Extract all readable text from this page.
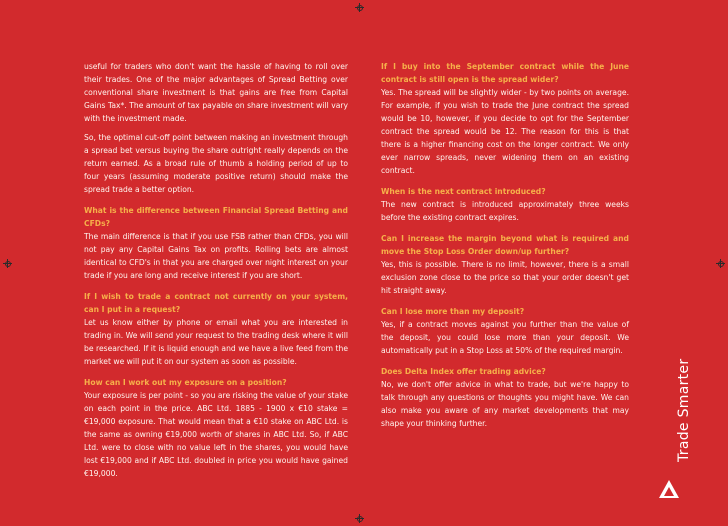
useful for traders who don't want the hassle of having to roll over their trades. One of the major advantages of Spread Betting over conventional share investment is that gains are free from Capital Gains Tax*. The amount of tax payable on share investment will vary with the investment made.

So, the optimal cut-off point between making an investment through a spread bet versus buying the share outright really depends on the return earned. As a broad rule of thumb a holding period of up to four years (assuming moderate positive return) should make the spread trade a better option.

What is the difference between Financial Spread Betting and CFDs?

The main difference is that if you use FSB rather than CFDs, you will not pay any Capital Gains Tax on profits. Rolling bets are almost identical to CFD's in that you are charged over night interest on your trade if you are long and receive interest if you are short.

If I wish to trade a contract not currently on your system, can I put in a request?

Let us know either by phone or email what you are interested in trading in. We will send your request to the trading desk where it will be researched. If it is liquid enough and we have a live feed from the market we will put it on our system as soon as possible.

How can I work out my exposure on a position?

Your exposure is per point - so you are risking the value of your stake on each point in the price. ABC Ltd. 1885 - 1900 x €10 stake = €19,000 exposure. That would mean that a €10 stake on ABC Ltd. is the same as owning €19,000 worth of shares in ABC Ltd. So, if ABC Ltd. were to close with no value left in the shares, you would have lost €19,000 and if ABC Ltd. doubled in price you would have gained €19,000.

If I buy into the September contract while the June contract is still open is the spread wider?

Yes. The spread will be slightly wider - by two points on average. For example, if you wish to trade the June contract the spread would be 10, however, if you decide to opt for the September contract the spread would be 12. The reason for this is that there is a higher financing cost on the longer contract. We only ever narrow spreads, never widening them on an existing contract.

When is the next contract introduced?

The new contract is introduced approximately three weeks before the existing contract expires.

Can I increase the margin beyond what is required and move the Stop Loss Order down/up further?

Yes, this is possible. There is no limit, however, there is a small exclusion zone close to the price so that your order doesn't get hit straight away.

Can I lose more than my deposit?

Yes, if a contract moves against you further than the value of the deposit, you could lose more than your deposit. We automatically put in a Stop Loss at 50% of the required margin.

Does Delta Index offer trading advice?

No, we don't offer advice in what to trade, but we're happy to talk through any questions or thoughts you might have. We can also make you aware of any market developments that may shape your thinking further.	Trade Smarter
